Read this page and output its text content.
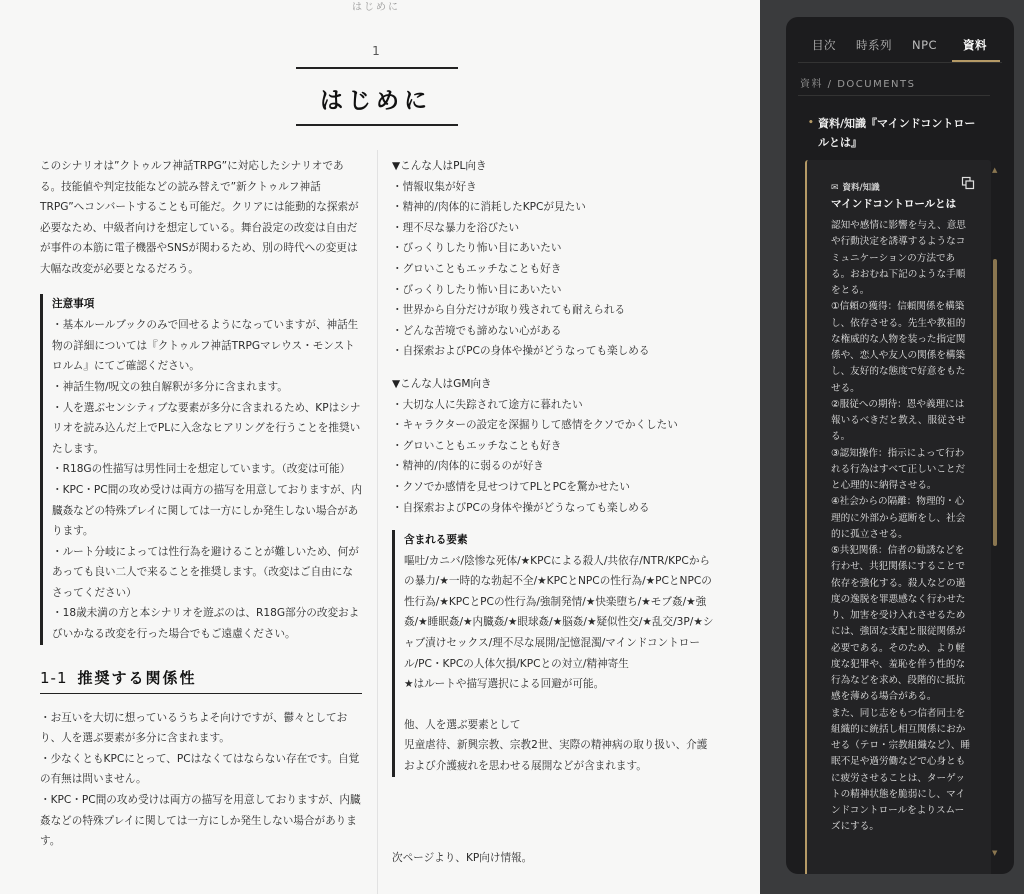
はじめに
1
はじめに
このシナリオは”クトゥルフ神話TRPG”に対応したシナリオである。技能値や判定技能などの読み替えで”新クトゥルフ神話TRPG”へコンバートすることも可能だ。クリアには能動的な探索が必要なため、中級者向けを想定している。舞台設定の改変は自由だが事件の本筋に電子機器やSNSが関わるため、別の時代への変更は大幅な改変が必要となるだろう。
注意事項
・基本ルールブックのみで回せるようになっていますが、神話生物の詳細については『クトゥルフ神話TRPGマレウス・モンストロルム』にてご確認ください。
・神話生物/呪文の独自解釈が多分に含まれます。
・人を選ぶセンシティブな要素が多分に含まれるため、KPはシナリオを読み込んだ上でPLに入念なヒアリングを行うことを推奨いたします。
・R18Gの性描写は男性同士を想定しています。（改変は可能）
・KPC・PC間の攻め受けは両方の描写を用意しておりますが、内臓姦などの特殊プレイに関しては一方にしか発生しない場合があります。
・ルート分岐によっては性行為を避けることが難しいため、何があっても良い二人で来ることを推奨します。（改変はご自由になさってください）
・18歳未満の方と本シナリオを遊ぶのは、R18G部分の改変およびいかなる改変を行った場合でもご遠慮ください。
1-1 推奨する関係性
・お互いを大切に想っているうちよそ向けですが、鬱々としており、人を選ぶ要素が多分に含まれます。
・少なくともKPCにとって、PCはなくてはならない存在です。自覚の有無は問いません。
・KPC・PC間の攻め受けは両方の描写を用意しておりますが、内臓姦などの特殊プレイに関しては一方にしか発生しない場合があります。
▼こんな人はPL向き
・情報収集が好き
・精神的/肉体的に消耗したKPCが見たい
・理不尽な暴力を浴びたい
・びっくりしたり怖い目にあいたい
・グロいこともエッチなことも好き
・びっくりしたり怖い目にあいたい
・世界から自分だけが取り残されても耐えられる
・どんな苦境でも諦めない心がある
・自探索およびPCの身体や操がどうなっても楽しめる
▼こんな人はGM向き
・大切な人に失踪されて途方に暮れたい
・キャラクターの設定を深掘りして感情をクソでかくしたい
・グロいこともエッチなことも好き
・精神的/肉体的に弱るのが好き
・クソでか感情を見せつけてPLとPCを驚かせたい
・自探索およびPCの身体や操がどうなっても楽しめる
含まれる要素
嘔吐/カニバ/陰惨な死体/★KPCによる殺人/共依存/NTR/KPCからの暴力/★一時的な勃起不全/★KPCとNPCの性行為/★PCとNPCの性行為/★KPCとPCの性行為/強制発情/★快楽堕ち/★モブ姦/★強姦/★睡眠姦/★内臓姦/★眼球姦/★脳姦/★疑似性交/★乱交/3P/★シャブ漬けセックス/理不尽な展開/記憶混濁/マインドコントロール/PC・KPCの人体欠損/KPCとの対立/精神寄生
★はルートや描写選択による回避が可能。
他、人を選ぶ要素として
児童虐待、新興宗教、宗教2世、実際の精神病の取り扱い、介護および介護疲れを思わせる展開などが含まれます。
次ページより、KP向け情報。
目次 時系列 NPC 資料
資料 / DOCUMENTS
• 資料/知識『マインドコントロールとは』
✉ 資料/知識
マインドコントロールとは

認知や感情に影響を与え、意思や行動決定を誘導するようなコミュニケーションの方法である。おおむね下記のような手順をとる。

①信頼の獲得：信頼関係を構築し、依存させる。先生や教祖的な権威的な人物を装った指定関係や、恋人や友人の関係を構築し、友好的な態度で好意をもたせる。

②服従への期待：恩や義理には報いるべきだと教え、服従させる。

③認知操作：指示によって行われる行為はすべて正しいことだと心理的に納得させる。

④社会からの隔離：物理的・心理的に外部から遮断をし、社会的に孤立させる。

⑤共犯関係：信者の勧誘などを行わせ、共犯関係にすることで依存を強化する。殺人などの過度の逸脱を罪悪感なく行わせたり、加害を受け入れさせるためには、強固な支配と服従関係が必要である。そのため、より軽度な犯罪や、羞恥を伴う性的な行為などを求め、段階的に抵抗感を薄める場合がある。

また、同じ志をもつ信者同士を組織的に統括し相互関係におかせる（テロ・宗教組織など）、睡眠不足や過労働などで心身ともに疲労させることは、ターゲットの精神状態を脆弱にし、マインドコントロールをよりスムーズにする。

▲
▼
